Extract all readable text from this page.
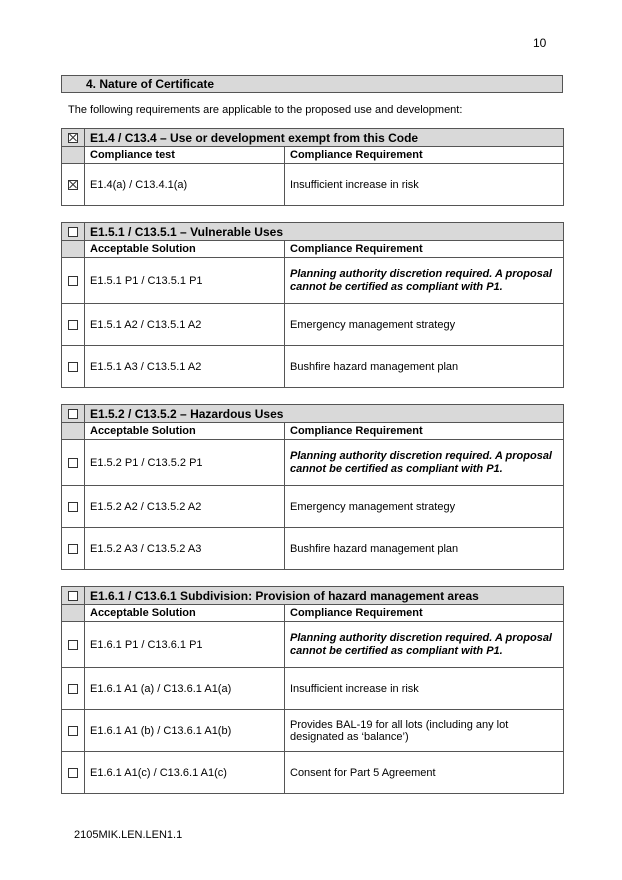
10
4. Nature of Certificate
The following requirements are applicable to the proposed use and development:
	E1.4 / C13.4 – Use or development exempt from this Code	
	Compliance test	Compliance Requirement
	E1.4(a) / C13.4.1(a)	Insufficient increase in risk
	E1.5.1 / C13.5.1 – Vulnerable Uses	
	Acceptable Solution	Compliance Requirement
	E1.5.1 P1 / C13.5.1 P1	Planning authority discretion required. A proposal cannot be certified as compliant with P1.
	E1.5.1 A2 / C13.5.1 A2	Emergency management strategy
	E1.5.1 A3 / C13.5.1 A2	Bushfire hazard management plan
	E1.5.2 / C13.5.2 – Hazardous Uses	
	Acceptable Solution	Compliance Requirement
	E1.5.2 P1 / C13.5.2 P1	Planning authority discretion required. A proposal cannot be certified as compliant with P1.
	E1.5.2 A2 / C13.5.2 A2	Emergency management strategy
	E1.5.2 A3 / C13.5.2 A3	Bushfire hazard management plan
	E1.6.1 / C13.6.1 Subdivision: Provision of hazard management areas	
	Acceptable Solution	Compliance Requirement
	E1.6.1 P1 / C13.6.1 P1	Planning authority discretion required. A proposal cannot be certified as compliant with P1.
	E1.6.1 A1 (a) / C13.6.1 A1(a)	Insufficient increase in risk
	E1.6.1 A1 (b) / C13.6.1 A1(b)	Provides BAL-19 for all lots (including any lot designated as ‘balance’)
	E1.6.1 A1(c) / C13.6.1 A1(c)	Consent for Part 5 Agreement
2105MIK.LEN.LEN1.1
